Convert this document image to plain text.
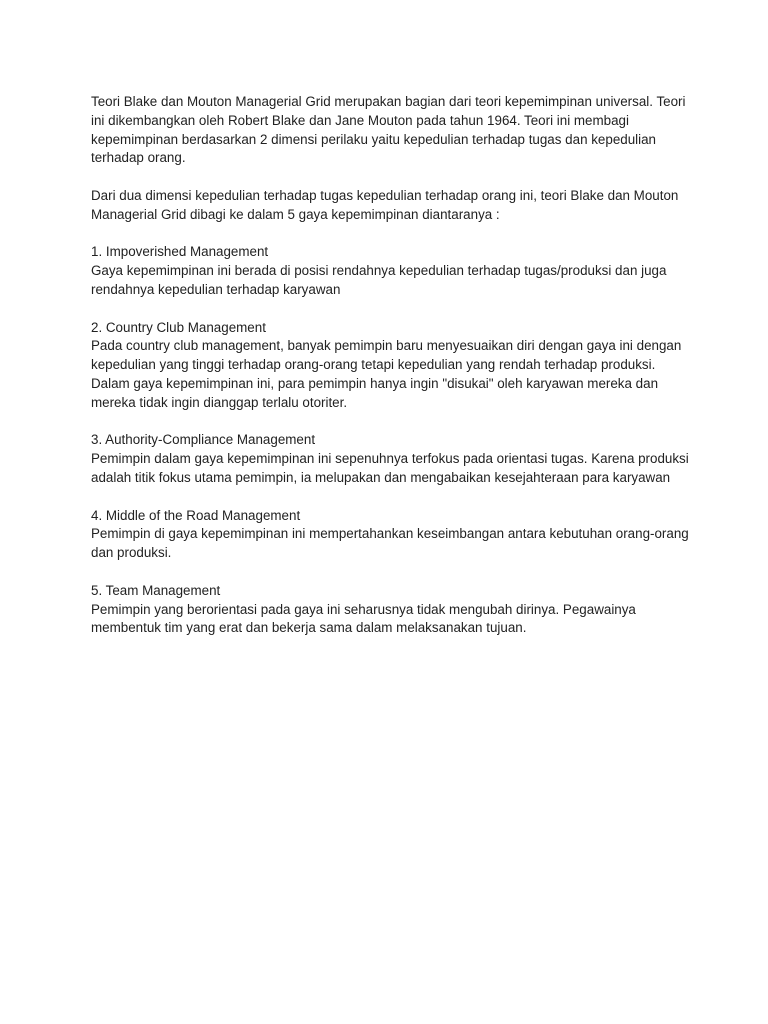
Teori Blake dan Mouton Managerial Grid merupakan bagian dari teori kepemimpinan universal. Teori ini dikembangkan oleh Robert Blake dan Jane Mouton pada tahun 1964. Teori ini membagi kepemimpinan berdasarkan 2 dimensi perilaku yaitu kepedulian terhadap tugas dan kepedulian terhadap orang.

Dari dua dimensi kepedulian terhadap tugas kepedulian terhadap orang ini, teori Blake dan Mouton Managerial Grid dibagi ke dalam 5 gaya kepemimpinan diantaranya :

1. Impoverished Management

Gaya kepemimpinan ini berada di posisi rendahnya kepedulian terhadap tugas/produksi dan juga rendahnya kepedulian terhadap karyawan

2. Country Club Management

Pada country club management, banyak pemimpin baru menyesuaikan diri dengan gaya ini dengan kepedulian yang tinggi terhadap orang-orang tetapi kepedulian yang rendah terhadap produksi. Dalam gaya kepemimpinan ini, para pemimpin hanya ingin "disukai" oleh karyawan mereka dan mereka tidak ingin dianggap terlalu otoriter.

3. Authority-Compliance Management

Pemimpin dalam gaya kepemimpinan ini sepenuhnya terfokus pada orientasi tugas. Karena produksi adalah titik fokus utama pemimpin, ia melupakan dan mengabaikan kesejahteraan para karyawan

4. Middle of the Road Management

Pemimpin di gaya kepemimpinan ini mempertahankan keseimbangan antara kebutuhan orang-orang dan produksi.

5. Team Management

Pemimpin yang berorientasi pada gaya ini seharusnya tidak mengubah dirinya. Pegawainya membentuk tim yang erat dan bekerja sama dalam melaksanakan tujuan.
